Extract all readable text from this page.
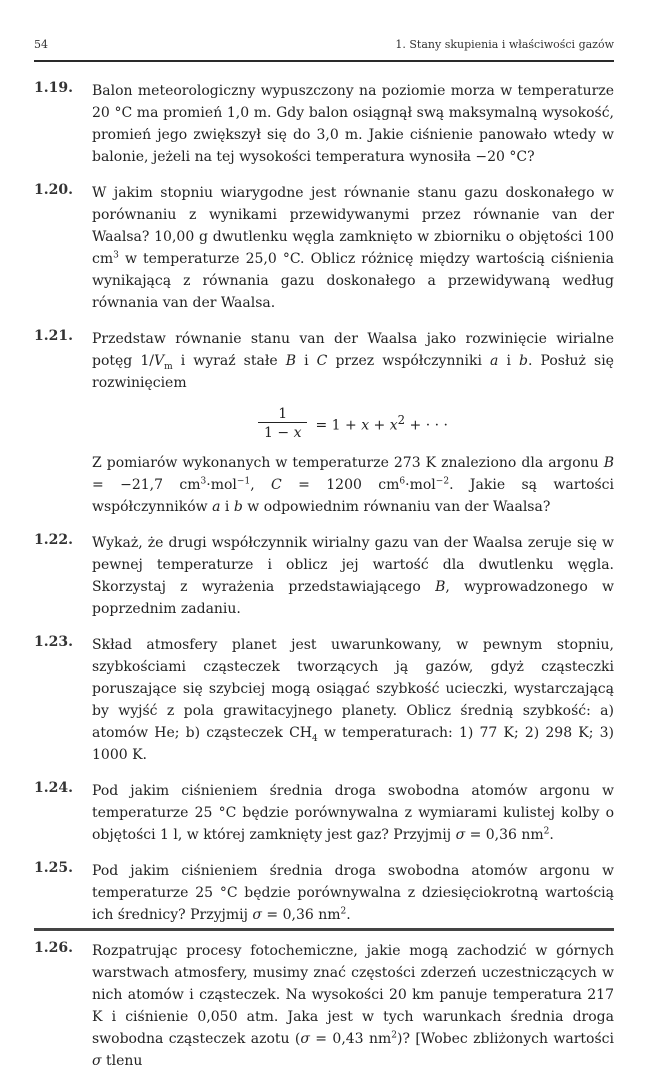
54	1. Stany skupienia i właściwości gazów
1.19. Balon meteorologiczny wypuszczony na poziomie morza w temperaturze 20 °C ma promień 1,0 m. Gdy balon osiągnął swą maksymalną wysokość, promień jego zwiększył się do 3,0 m. Jakie ciśnienie panowało wtedy w balonie, jeżeli na tej wysokości temperatura wynosiła −20 °C?
1.20. W jakim stopniu wiarygodne jest równanie stanu gazu doskonałego w porównaniu z wynikami przewidywanymi przez równanie van der Waalsa? 10,00 g dwutlenku węgla zamknięto w zbiorniku o objętości 100 $cm^3$ w temperaturze 25,0 °C. Oblicz różnicę między wartością ciśnienia wynikającą z równania gazu doskonałego a przewidywaną według równania van der Waalsa.
1.21. Przedstaw równanie stanu van der Waalsa jako rozwinięcie wirialne potęg $1/V_m$ i wyraź stałe B i C przez współczynniki a i b. Posłuż się rozwinięciem
$\frac{1}{1 - x} = 1 + x + x^2$ + · · ·
Z pomiarów wykonanych w temperaturze 273 K znaleziono dla argonu B = −21,7 $cm^3\cdot mol^{-1}$, C = 1200 $cm^6\cdot mol^{-2}$. Jakie są wartości współczynników a i b w odpowiednim równaniu van der Waalsa?
1.22. Wykaż, że drugi współczynnik wirialny gazu van der Waalsa zeruje się w pewnej temperaturze i oblicz jej wartość dla dwutlenku węgla. Skorzystaj z wyrażenia przedstawiającego B, wyprowadzonego w poprzednim zadaniu.
1.23. Skład atmosfery planet jest uwarunkowany, w pewnym stopniu, szybkościami cząsteczek tworzących ją gazów, gdyż cząsteczki poruszające się szybciej mogą osiągać szybkość ucieczki, wystarczającą by wyjść z pola grawitacyjnego planety. Oblicz średnią szybkość: a) atomów He; b) cząsteczek $CH_4$ w temperaturach: 1) 77 K; 2) 298 K; 3) 1000 K.
1.24. Pod jakim ciśnieniem średnia droga swobodna atomów argonu w temperaturze 25 °C będzie porównywalna z wymiarami kulistej kolby o objętości 1 l, w której zamknięty jest gaz? Przyjmij σ = 0,36 $nm^2$.
1.25. Pod jakim ciśnieniem średnia droga swobodna atomów argonu w temperaturze 25 °C będzie porównywalna z dziesięciokrotną wartością ich średnicy? Przyjmij σ = 0,36 $nm^2$.
1.26. Rozpatrując procesy fotochemiczne, jakie mogą zachodzić w górnych warstwach atmosfery, musimy znać częstości zderzeń uczestniczących w nich atomów i cząsteczek. Na wysokości 20 km panuje temperatura 217 K i ciśnienie 0,050 atm. Jaka jest w tych warunkach średnia droga swobodna cząsteczek azotu (σ = 0,43 $nm^2$)? [Wobec zbliżonych wartości σ tlenu
